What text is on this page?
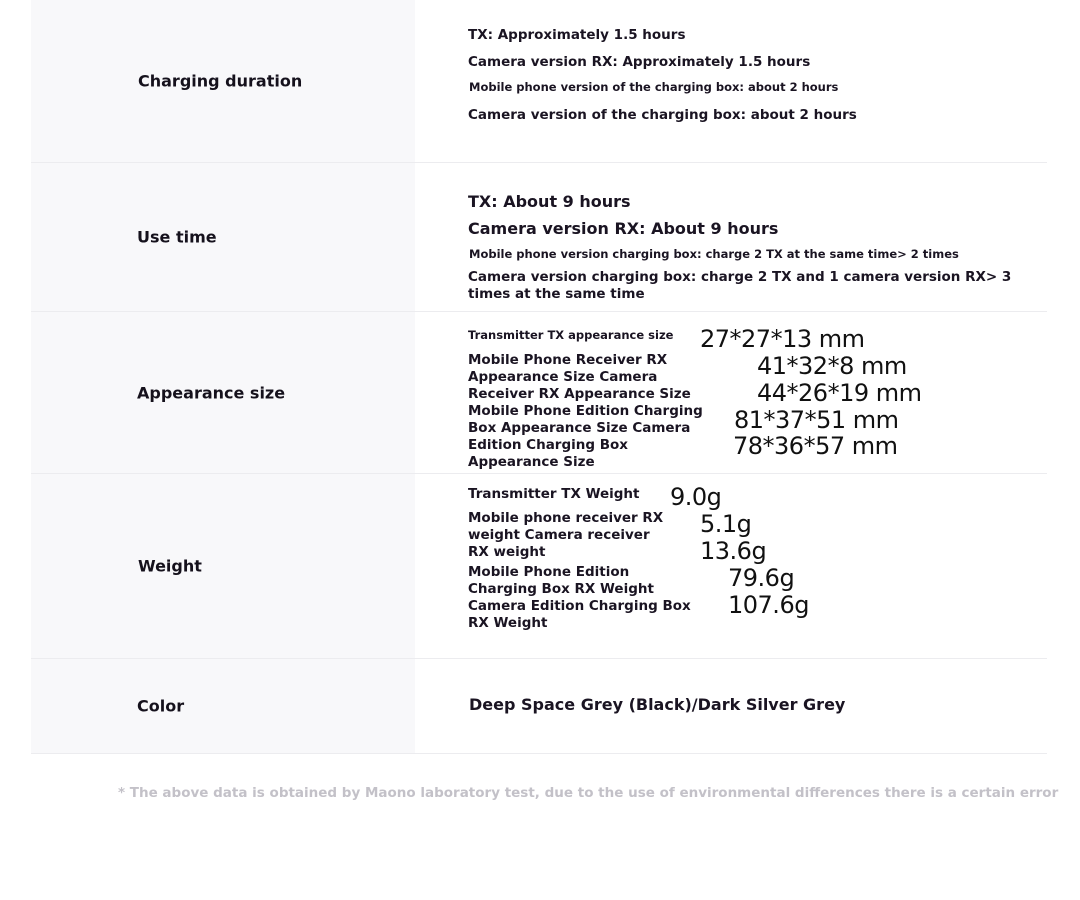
Charging duration
TX: Approximately 1.5 hours
Camera version RX: Approximately 1.5 hours
Mobile phone version of the charging box: about 2 hours
Camera version of the charging box: about 2 hours
Use time
TX: About 9 hours
Camera version RX: About 9 hours
Mobile phone version charging box: charge 2 TX at the same time> 2 times
Camera version charging box: charge 2 TX and 1 camera version RX> 3 times at the same time
Appearance size
Transmitter TX appearance size
Mobile Phone Receiver RX Appearance Size Camera Receiver RX Appearance Size Mobile Phone Edition Charging Box Appearance Size Camera Edition Charging Box Appearance Size
27*27*13 mm
41*32*8 mm
44*26*19 mm
81*37*51 mm
78*36*57 mm
Weight
Transmitter TX Weight
Mobile phone receiver RX weight Camera receiver RX weight
Mobile Phone Edition Charging Box RX Weight Camera Edition Charging Box RX Weight
9.0g
5.1g
13.6g
79.6g
107.6g
Color	Deep Space Grey (Black)/Dark Silver Grey
* The above data is obtained by Maono laboratory test, due to the use of environmental differences there is a certain error
